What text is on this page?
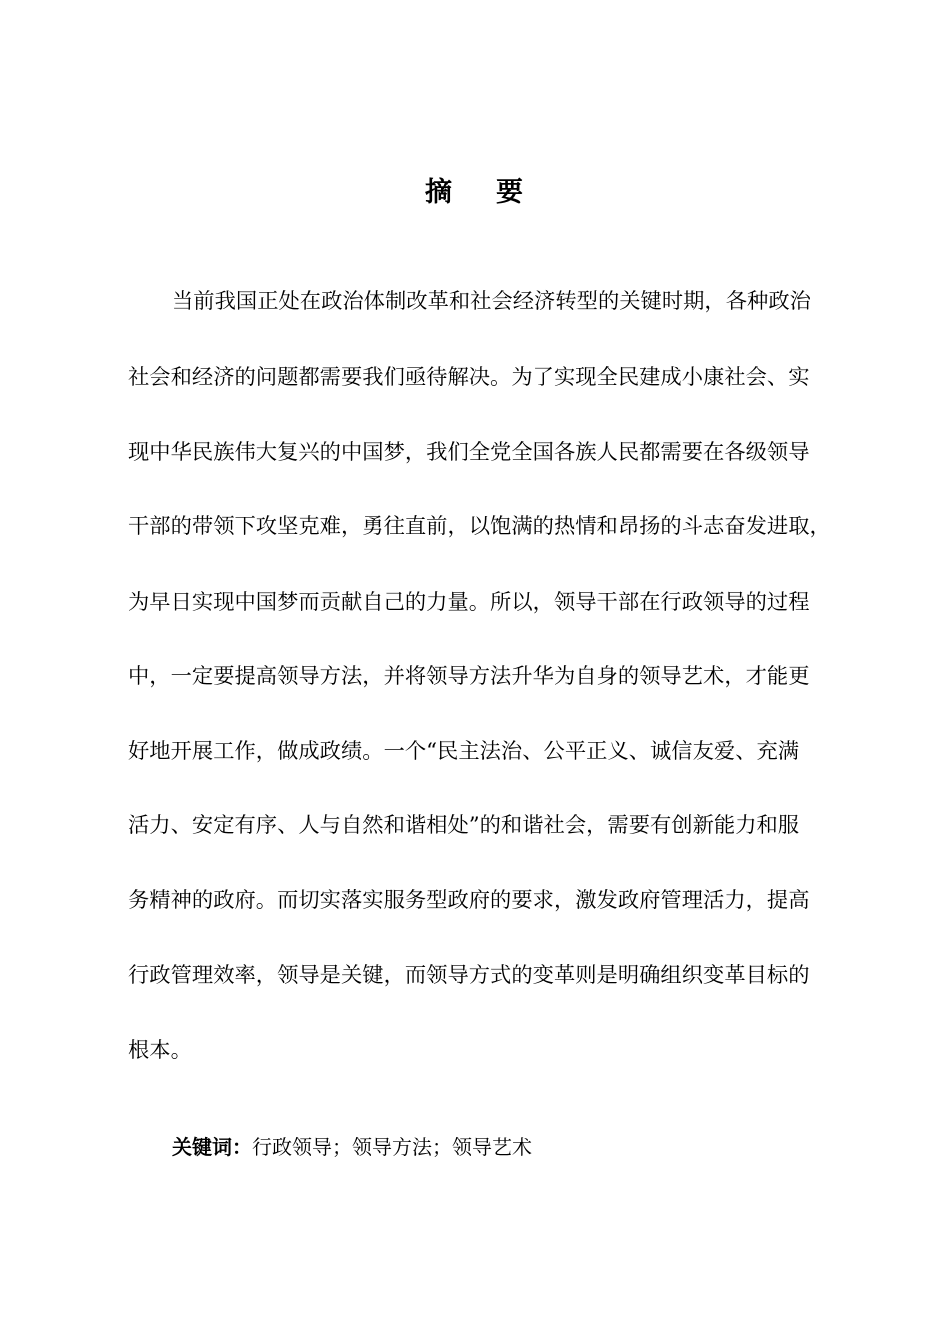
摘 要
当前我国正处在政治体制改革和社会经济转型的关键时期，各种政治
社会和经济的问题都需要我们亟待解决。为了实现全民建成小康社会、实
现中华民族伟大复兴的中国梦，我们全党全国各族人民都需要在各级领导
干部的带领下攻坚克难，勇往直前，以饱满的热情和昂扬的斗志奋发进取，
为早日实现中国梦而贡献自己的力量。所以，领导干部在行政领导的过程
中，一定要提高领导方法，并将领导方法升华为自身的领导艺术，才能更
好地开展工作，做成政绩。一个“民主法治、公平正义、诚信友爱、充满
活力、安定有序、人与自然和谐相处”的和谐社会，需要有创新能力和服
务精神的政府。而切实落实服务型政府的要求，激发政府管理活力，提高
行政管理效率，领导是关键，而领导方式的变革则是明确组织变革目标的
根本。
关键词：行政领导；领导方法；领导艺术
